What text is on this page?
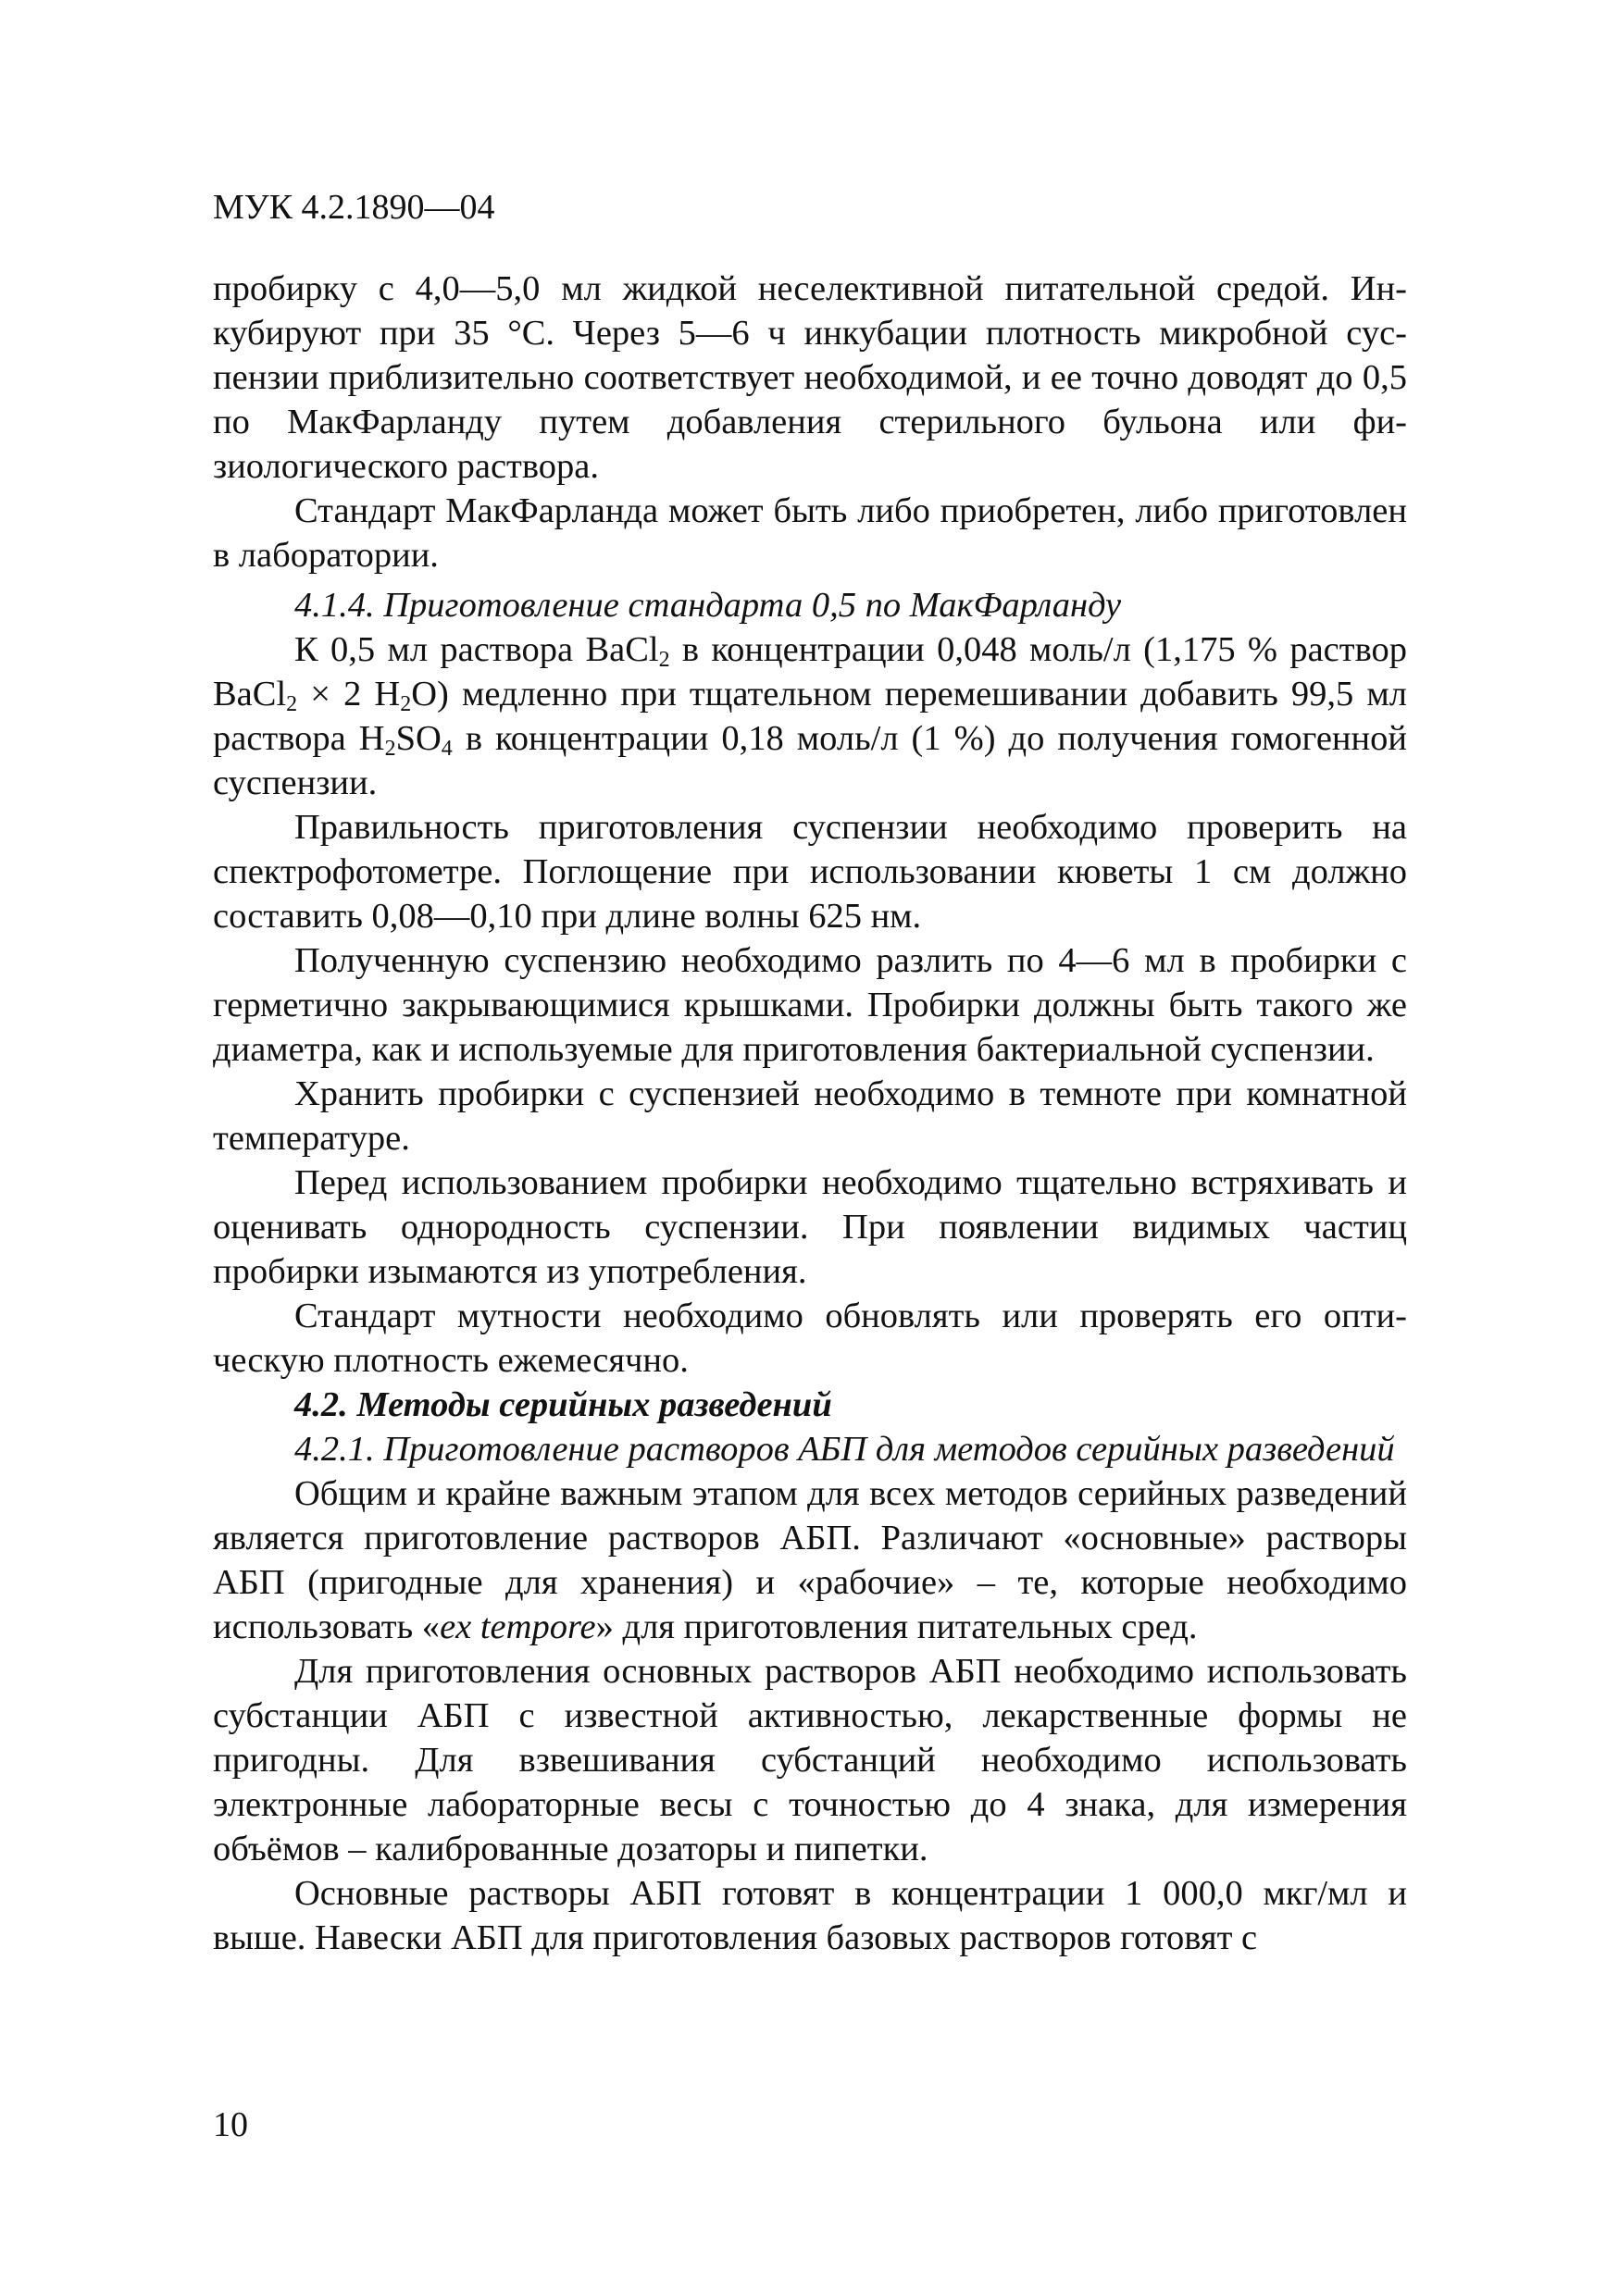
МУК 4.2.1890—04

пробирку с 4,0—5,0 мл жидкой неселективной питательной средой. Инкубируют при 35 °С. Через 5—6 ч инкубации плотность микробной суспензии приблизительно соответствует необходимой, и ее точно доводят до 0,5 по МакФарланду путем добавления стерильного бульона или физиологического раствора.

Стандарт МакФарланда может быть либо приобретен, либо приготовлен в лаборатории.

4.1.4. Приготовление стандарта 0,5 по МакФарланду

К 0,5 мл раствора BaCl$_2$ в концентрации 0,048 моль/л (1,175 % раствор BaCl$_2$ × 2 $H_2O$) медленно при тщательном перемешивании добавить 99,5 мл раствора $H_2SO_4$ в концентрации 0,18 моль/л (1 %) до получения гомогенной суспензии.

Правильность приготовления суспензии необходимо проверить на спектрофотометре. Поглощение при использовании кюветы 1 см должно составить 0,08—0,10 при длине волны 625 нм.

Полученную суспензию необходимо разлить по 4—6 мл в пробирки с герметично закрывающимися крышками. Пробирки должны быть такого же диаметра, как и используемые для приготовления бактериальной суспензии.

Хранить пробирки с суспензией необходимо в темноте при комнатной температуре.

Перед использованием пробирки необходимо тщательно встряхивать и оценивать однородность суспензии. При появлении видимых частиц пробирки изымаются из употребления.

Стандарт мутности необходимо обновлять или проверять его оптическую плотность ежемесячно.

4.2. Методы серийных разведений

4.2.1. Приготовление растворов АБП для методов серийных разведений

Общим и крайне важным этапом для всех методов серийных разведений является приготовление растворов АБП. Различают «основные» растворы АБП (пригодные для хранения) и «рабочие» – те, которые необходимо использовать «ex tempore» для приготовления питательных сред.

Для приготовления основных растворов АБП необходимо использовать субстанции АБП с известной активностью, лекарственные формы не пригодны. Для взвешивания субстанций необходимо использовать электронные лабораторные весы с точностью до 4 знака, для измерения объёмов – калиброванные дозаторы и пипетки.

Основные растворы АБП готовят в концентрации 1 000,0 мкг/мл и выше. Навески АБП для приготовления базовых растворов готовят с

10
